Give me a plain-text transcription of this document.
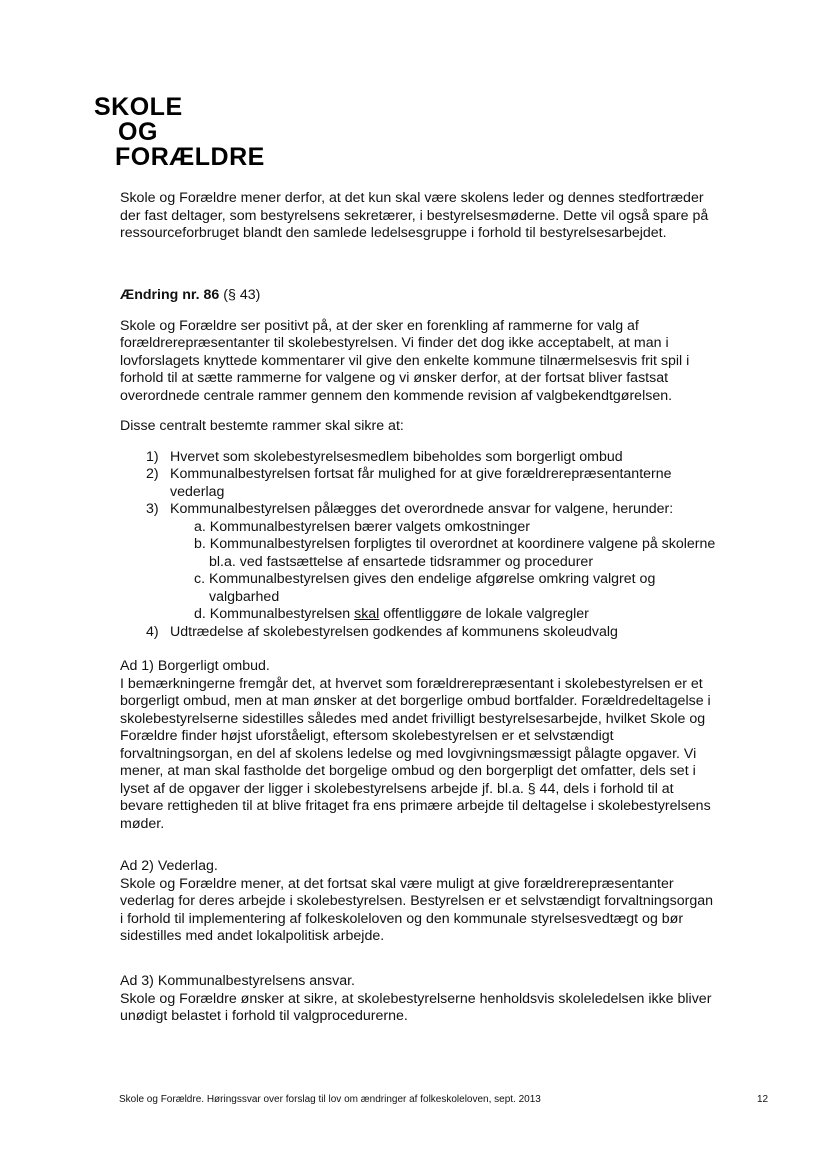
SKOLE
OG
FORÆLDRE

Skole og Forældre mener derfor, at det kun skal være skolens leder og dennes stedfortræder der fast deltager, som bestyrelsens sekretærer, i bestyrelsesmøderne. Dette vil også spare på ressourceforbruget blandt den samlede ledelsesgruppe i forhold til bestyrelsesarbejdet.

Ændring nr. 86 (§ 43)

Skole og Forældre ser positivt på, at der sker en forenkling af rammerne for valg af forældrerepræsentanter til skolebestyrelsen. Vi finder det dog ikke acceptabelt, at man i lovforslagets knyttede kommentarer vil give den enkelte kommune tilnærmelsesvis frit spil i forhold til at sætte rammerne for valgene og vi ønsker derfor, at der fortsat bliver fastsat overordnede centrale rammer gennem den kommende revision af valgbekendtgørelsen.

Disse centralt bestemte rammer skal sikre at:

1) Hvervet som skolebestyrelsesmedlem bibeholdes som borgerligt ombud
2) Kommunalbestyrelsen fortsat får mulighed for at give forældrerepræsentanterne vederlag
3) Kommunalbestyrelsen pålægges det overordnede ansvar for valgene, herunder:
a. Kommunalbestyrelsen bærer valgets omkostninger
b. Kommunalbestyrelsen forpligtes til overordnet at koordinere valgene på skolerne bl.a. ved fastsættelse af ensartede tidsrammer og procedurer
c. Kommunalbestyrelsen gives den endelige afgørelse omkring valgret og valgbarhed
d. Kommunalbestyrelsen skal offentliggøre de lokale valgregler
4) Udtrædelse af skolebestyrelsen godkendes af kommunens skoleudvalg

Ad 1) Borgerligt ombud.

I bemærkningerne fremgår det, at hvervet som forældrerepræsentant i skolebestyrelsen er et borgerligt ombud, men at man ønsker at det borgerlige ombud bortfalder. Forældredeltagelse i skolebestyrelserne sidestilles således med andet frivilligt bestyrelsesarbejde, hvilket Skole og Forældre finder højst uforståeligt, eftersom skolebestyrelsen er et selvstændigt forvaltningsorgan, en del af skolens ledelse og med lovgivningsmæssigt pålagte opgaver. Vi mener, at man skal fastholde det borgelige ombud og den borgerpligt det omfatter, dels set i lyset af de opgaver der ligger i skolebestyrelsens arbejde jf. bl.a. § 44, dels i forhold til at bevare rettigheden til at blive fritaget fra ens primære arbejde til deltagelse i skolebestyrelsens møder.

Ad 2) Vederlag.

Skole og Forældre mener, at det fortsat skal være muligt at give forældrerepræsentanter vederlag for deres arbejde i skolebestyrelsen. Bestyrelsen er et selvstændigt forvaltningsorgan i forhold til implementering af folkeskoleloven og den kommunale styrelsesvedtægt og bør sidestilles med andet lokalpolitisk arbejde.

Ad 3) Kommunalbestyrelsens ansvar.

Skole og Forældre ønsker at sikre, at skolebestyrelserne henholdsvis skoleledelsen ikke bliver unødigt belastet i forhold til valgprocedurerne.

Skole og Forældre. Høringssvar over forslag til lov om ændringer af folkeskoleloven, sept. 2013	12
